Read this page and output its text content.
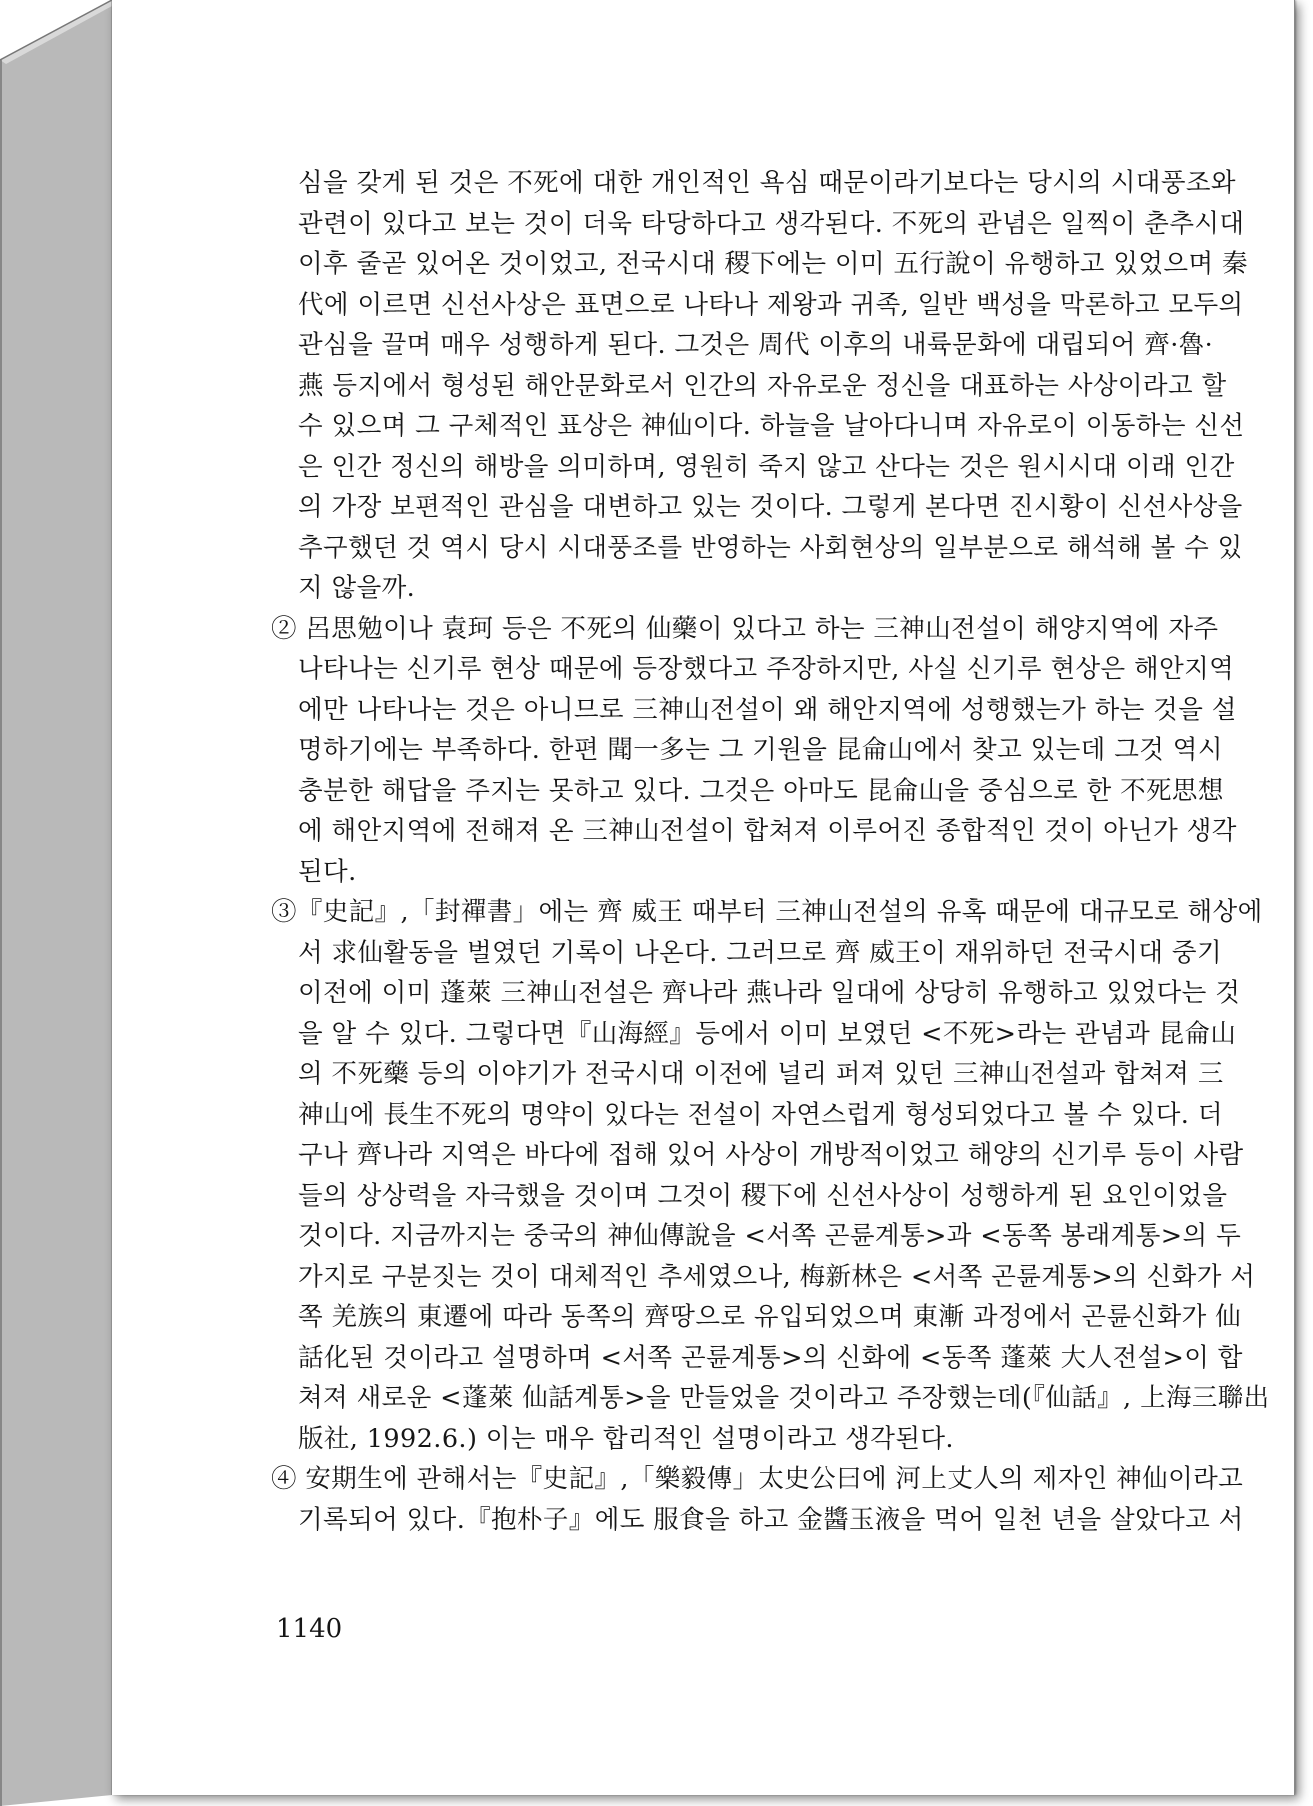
심을 갖게 된 것은 不死에 대한 개인적인 욕심 때문이라기보다는 당시의 시대풍조와
관련이 있다고 보는 것이 더욱 타당하다고 생각된다. 不死의 관념은 일찍이 춘추시대
이후 줄곧 있어온 것이었고, 전국시대 稷下에는 이미 五行說이 유행하고 있었으며 秦
代에 이르면 신선사상은 표면으로 나타나 제왕과 귀족, 일반 백성을 막론하고 모두의
관심을 끌며 매우 성행하게 된다. 그것은 周代 이후의 내륙문화에 대립되어 齊·魯·
燕 등지에서 형성된 해안문화로서 인간의 자유로운 정신을 대표하는 사상이라고 할
수 있으며 그 구체적인 표상은 神仙이다. 하늘을 날아다니며 자유로이 이동하는 신선
은 인간 정신의 해방을 의미하며, 영원히 죽지 않고 산다는 것은 원시시대 이래 인간
의 가장 보편적인 관심을 대변하고 있는 것이다. 그렇게 본다면 진시황이 신선사상을
추구했던 것 역시 당시 시대풍조를 반영하는 사회현상의 일부분으로 해석해 볼 수 있
지 않을까.
② 呂思勉이나 袁珂 등은 不死의 仙藥이 있다고 하는 三神山전설이 해양지역에 자주
나타나는 신기루 현상 때문에 등장했다고 주장하지만, 사실 신기루 현상은 해안지역
에만 나타나는 것은 아니므로 三神山전설이 왜 해안지역에 성행했는가 하는 것을 설
명하기에는 부족하다. 한편 聞一多는 그 기원을 昆侖山에서 찾고 있는데 그것 역시
충분한 해답을 주지는 못하고 있다. 그것은 아마도 昆侖山을 중심으로 한 不死思想
에 해안지역에 전해져 온 三神山전설이 합쳐져 이루어진 종합적인 것이 아닌가 생각
된다.
③『史記』,「封禪書」에는 齊 威王 때부터 三神山전설의 유혹 때문에 대규모로 해상에
서 求仙활동을 벌였던 기록이 나온다. 그러므로 齊 威王이 재위하던 전국시대 중기
이전에 이미 蓬萊 三神山전설은 齊나라 燕나라 일대에 상당히 유행하고 있었다는 것
을 알 수 있다. 그렇다면『山海經』등에서 이미 보였던 <不死>라는 관념과 昆侖山
의 不死藥 등의 이야기가 전국시대 이전에 널리 퍼져 있던 三神山전설과 합쳐져 三
神山에 長生不死의 명약이 있다는 전설이 자연스럽게 형성되었다고 볼 수 있다. 더
구나 齊나라 지역은 바다에 접해 있어 사상이 개방적이었고 해양의 신기루 등이 사람
들의 상상력을 자극했을 것이며 그것이 稷下에 신선사상이 성행하게 된 요인이었을
것이다. 지금까지는 중국의 神仙傳說을 <서쪽 곤륜계통>과 <동쪽 봉래계통>의 두
가지로 구분짓는 것이 대체적인 추세였으나, 梅新林은 <서쪽 곤륜계통>의 신화가 서
쪽 羌族의 東遷에 따라 동쪽의 齊땅으로 유입되었으며 東漸 과정에서 곤륜신화가 仙
話化된 것이라고 설명하며 <서쪽 곤륜계통>의 신화에 <동쪽 蓬萊 大人전설>이 합
쳐져 새로운 <蓬萊 仙話계통>을 만들었을 것이라고 주장했는데(『仙話』, 上海三聯出
版社, 1992.6.) 이는 매우 합리적인 설명이라고 생각된다.
④ 安期生에 관해서는『史記』,「樂毅傳」太史公曰에 河上丈人의 제자인 神仙이라고
기록되어 있다.『抱朴子』에도 服食을 하고 金醬玉液을 먹어 일천 년을 살았다고 서
1140
